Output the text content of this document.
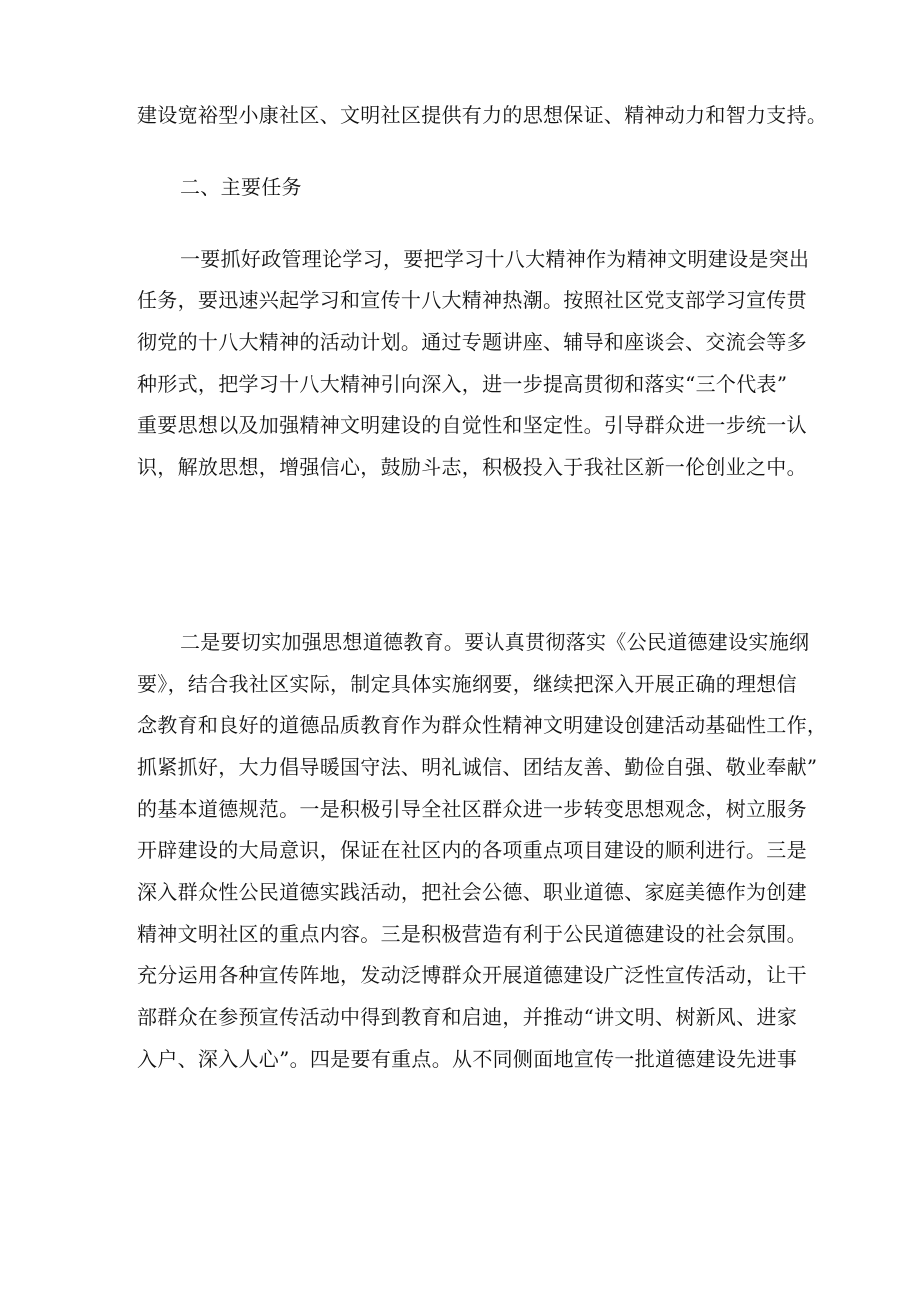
建设宽裕型小康社区、文明社区提供有力的思想保证、精神动力和智力支持。
二、主要任务
一要抓好政管理论学习，要把学习十八大精神作为精神文明建设是突出
任务，要迅速兴起学习和宣传十八大精神热潮。按照社区党支部学习宣传贯
彻党的十八大精神的活动计划。通过专题讲座、辅导和座谈会、交流会等多
种形式，把学习十八大精神引向深入，进一步提高贯彻和落实“三个代表”
重要思想以及加强精神文明建设的自觉性和坚定性。引导群众进一步统一认
识，解放思想，增强信心，鼓励斗志，积极投入于我社区新一伦创业之中。
二是要切实加强思想道德教育。要认真贯彻落实《公民道德建设实施纲
要》，结合我社区实际，制定具体实施纲要，继续把深入开展正确的理想信
念教育和良好的道德品质教育作为群众性精神文明建设创建活动基础性工作，
抓紧抓好，大力倡导暖国守法、明礼诚信、团结友善、勤俭自强、敬业奉献”
的基本道德规范。一是积极引导全社区群众进一步转变思想观念，树立服务
开辟建设的大局意识，保证在社区内的各项重点项目建设的顺利进行。三是
深入群众性公民道德实践活动，把社会公德、职业道德、家庭美德作为创建
精神文明社区的重点内容。三是积极营造有利于公民道德建设的社会氛围。
充分运用各种宣传阵地，发动泛博群众开展道德建设广泛性宣传活动，让干
部群众在参预宣传活动中得到教育和启迪，并推动“讲文明、树新风、进家
入户、深入人心”。四是要有重点。从不同侧面地宣传一批道德建设先进事
